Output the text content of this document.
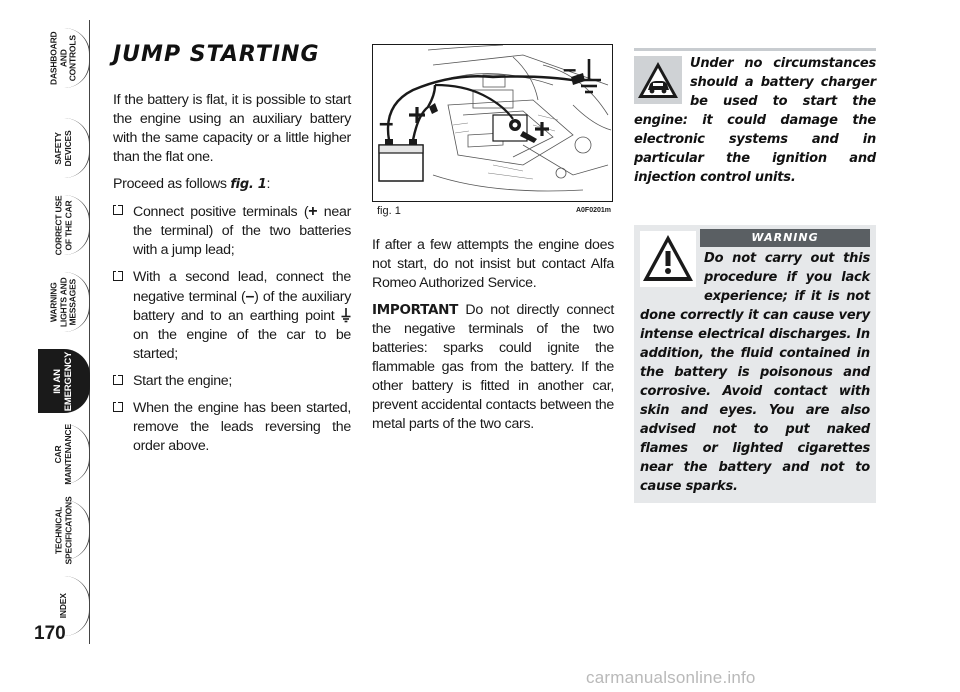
DASHBOARD
AND
CONTROLS
SAFETY
DEVICES
CORRECT USE
OF THE CAR
WARNING
LIGHTS AND
MESSAGES
IN AN
EMERGENCY
CAR
MAINTENANCE
TECHNICAL
SPECIFICATIONS
INDEX
170
JUMP STARTING

If the battery is flat, it is possible to start the engine using an auxiliary battery with the same capacity or a little higher than the flat one.

Proceed as follows fig. 1:

Connect positive terminals (+ near the terminal) of the two batteries with a jump lead;
With a second lead, connect the negative terminal (–) of the auxiliary battery and to an earthing point  on the engine of the car to be started;
Start the engine;
When the engine has been started, remove the leads reversing the order above.
–
–
fig. 1	A0F0201m

If after a few attempts the engine does not start, do not insist but contact Alfa Romeo Authorized Service.

IMPORTANT Do not directly connect the negative terminals of the two batteries: sparks could ignite the flammable gas from the battery. If the other battery is fitted in another car, prevent accidental contacts between the metal parts of the two cars.

Under no circumstances should a battery charger be used to start the engine: it could damage the electronic systems and in particular the ignition and injection control units.
WARNING
Do not carry out this procedure if you lack experience; if it is not done correctly it can cause very intense electrical discharges. In addition, the fluid contained in the battery is poisonous and corrosive. Avoid contact with skin and eyes. You are also advised not to put naked flames or lighted cigarettes near the battery and not to cause sparks.
carmanualsonline.info
